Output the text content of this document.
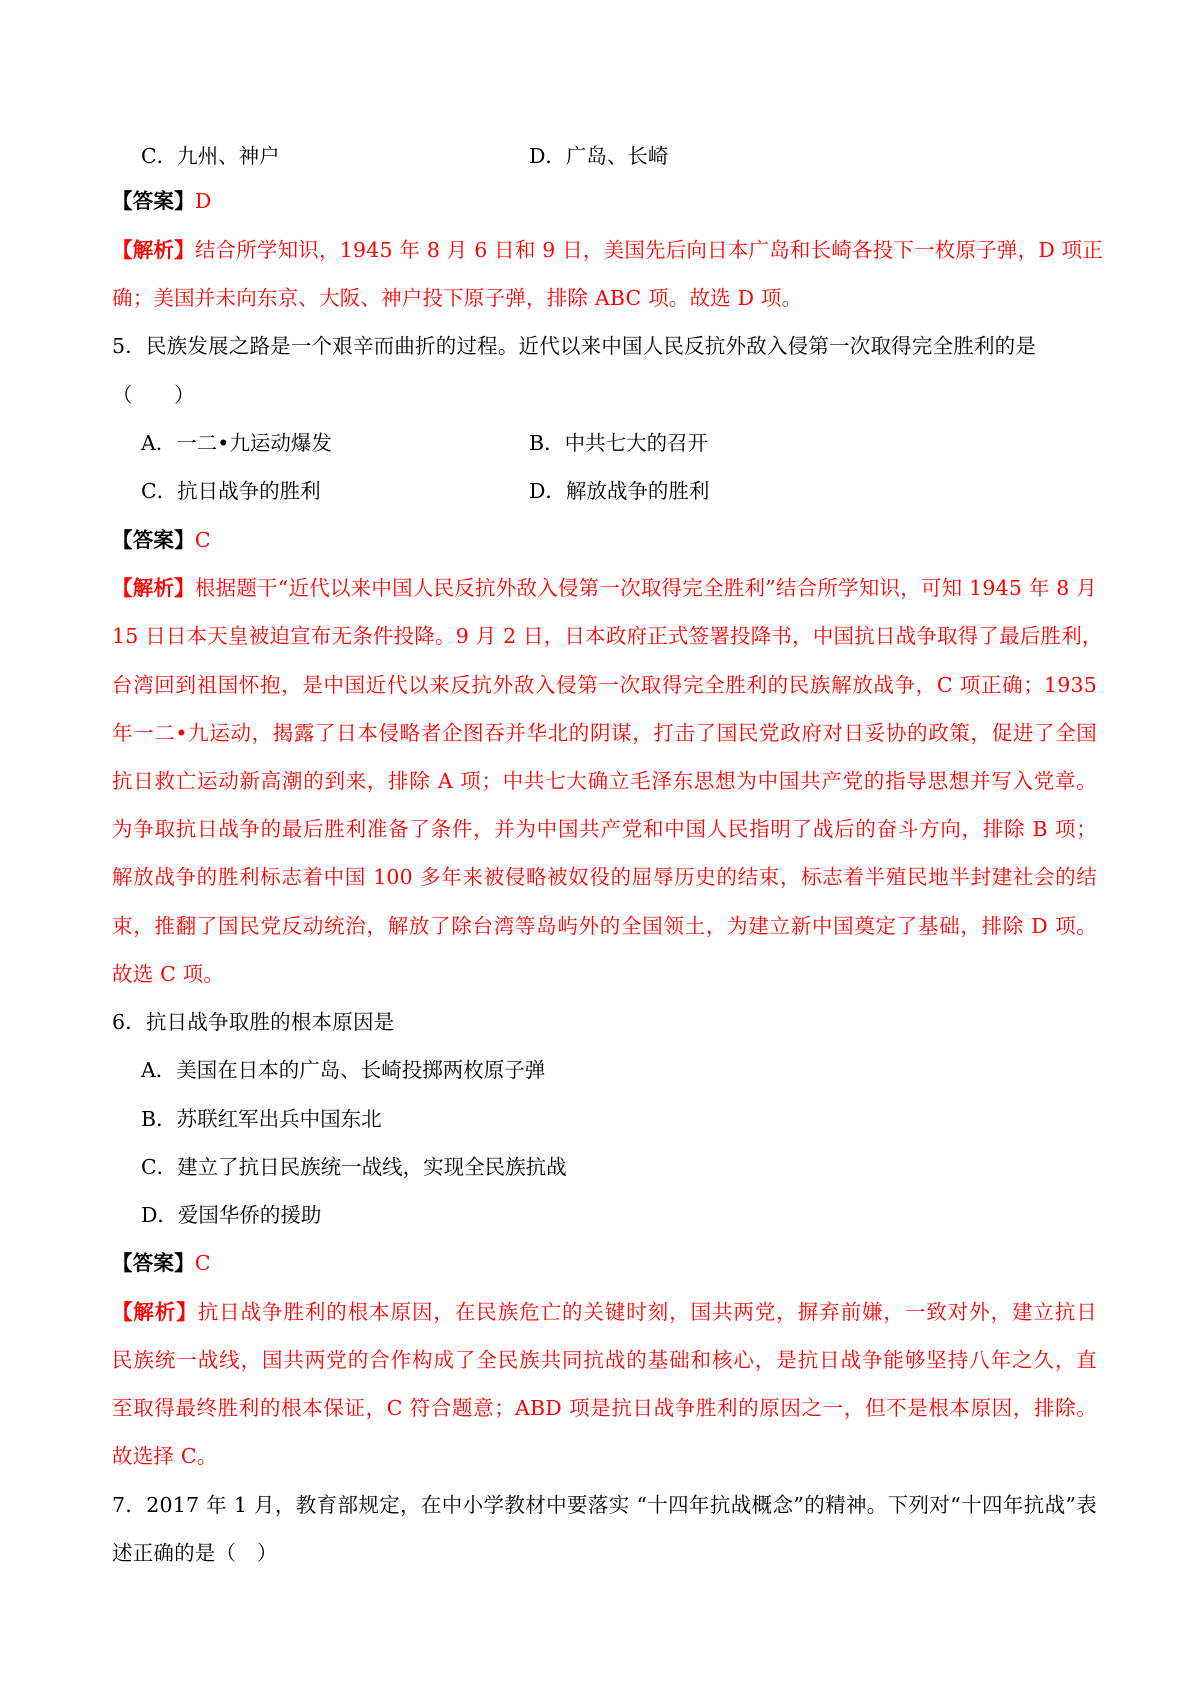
C．九州、神户	D．广岛、长崎
【答案】D
【解析】结合所学知识，1945 年 8 月 6 日和 9 日，美国先后向日本广岛和长崎各投下一枚原子弹，D 项正
确；美国并未向东京、大阪、神户投下原子弹，排除 ABC 项。故选 D 项。
5．民族发展之路是一个艰辛而曲折的过程。近代以来中国人民反抗外敌入侵第一次取得完全胜利的是
（　　）
A．一二•九运动爆发	B．中共七大的召开
C．抗日战争的胜利	D．解放战争的胜利
【答案】C
【解析】根据题干“近代以来中国人民反抗外敌入侵第一次取得完全胜利”结合所学知识，可知 1945 年 8 月
15 日日本天皇被迫宣布无条件投降。9 月 2 日，日本政府正式签署投降书，中国抗日战争取得了最后胜利，
台湾回到祖国怀抱，是中国近代以来反抗外敌入侵第一次取得完全胜利的民族解放战争，C 项正确；1935
年一二•九运动，揭露了日本侵略者企图吞并华北的阴谋，打击了国民党政府对日妥协的政策，促进了全国
抗日救亡运动新高潮的到来，排除 A 项；中共七大确立毛泽东思想为中国共产党的指导思想并写入党章。
为争取抗日战争的最后胜利准备了条件，并为中国共产党和中国人民指明了战后的奋斗方向，排除 B 项；
解放战争的胜利标志着中国 100 多年来被侵略被奴役的屈辱历史的结束，标志着半殖民地半封建社会的结
束，推翻了国民党反动统治，解放了除台湾等岛屿外的全国领土，为建立新中国奠定了基础，排除 D 项。
故选 C 项。
6．抗日战争取胜的根本原因是
A．美国在日本的广岛、长崎投掷两枚原子弹
B．苏联红军出兵中国东北
C．建立了抗日民族统一战线，实现全民族抗战
D．爱国华侨的援助
【答案】C
【解析】抗日战争胜利的根本原因，在民族危亡的关键时刻，国共两党，摒弃前嫌，一致对外，建立抗日
民族统一战线，国共两党的合作构成了全民族共同抗战的基础和核心，是抗日战争能够坚持八年之久，直
至取得最终胜利的根本保证，C 符合题意；ABD 项是抗日战争胜利的原因之一，但不是根本原因，排除。
故选择 C。
7．2017 年 1 月，教育部规定，在中小学教材中要落实 “十四年抗战概念”的精神。下列对“十四年抗战”表
述正确的是（　）
